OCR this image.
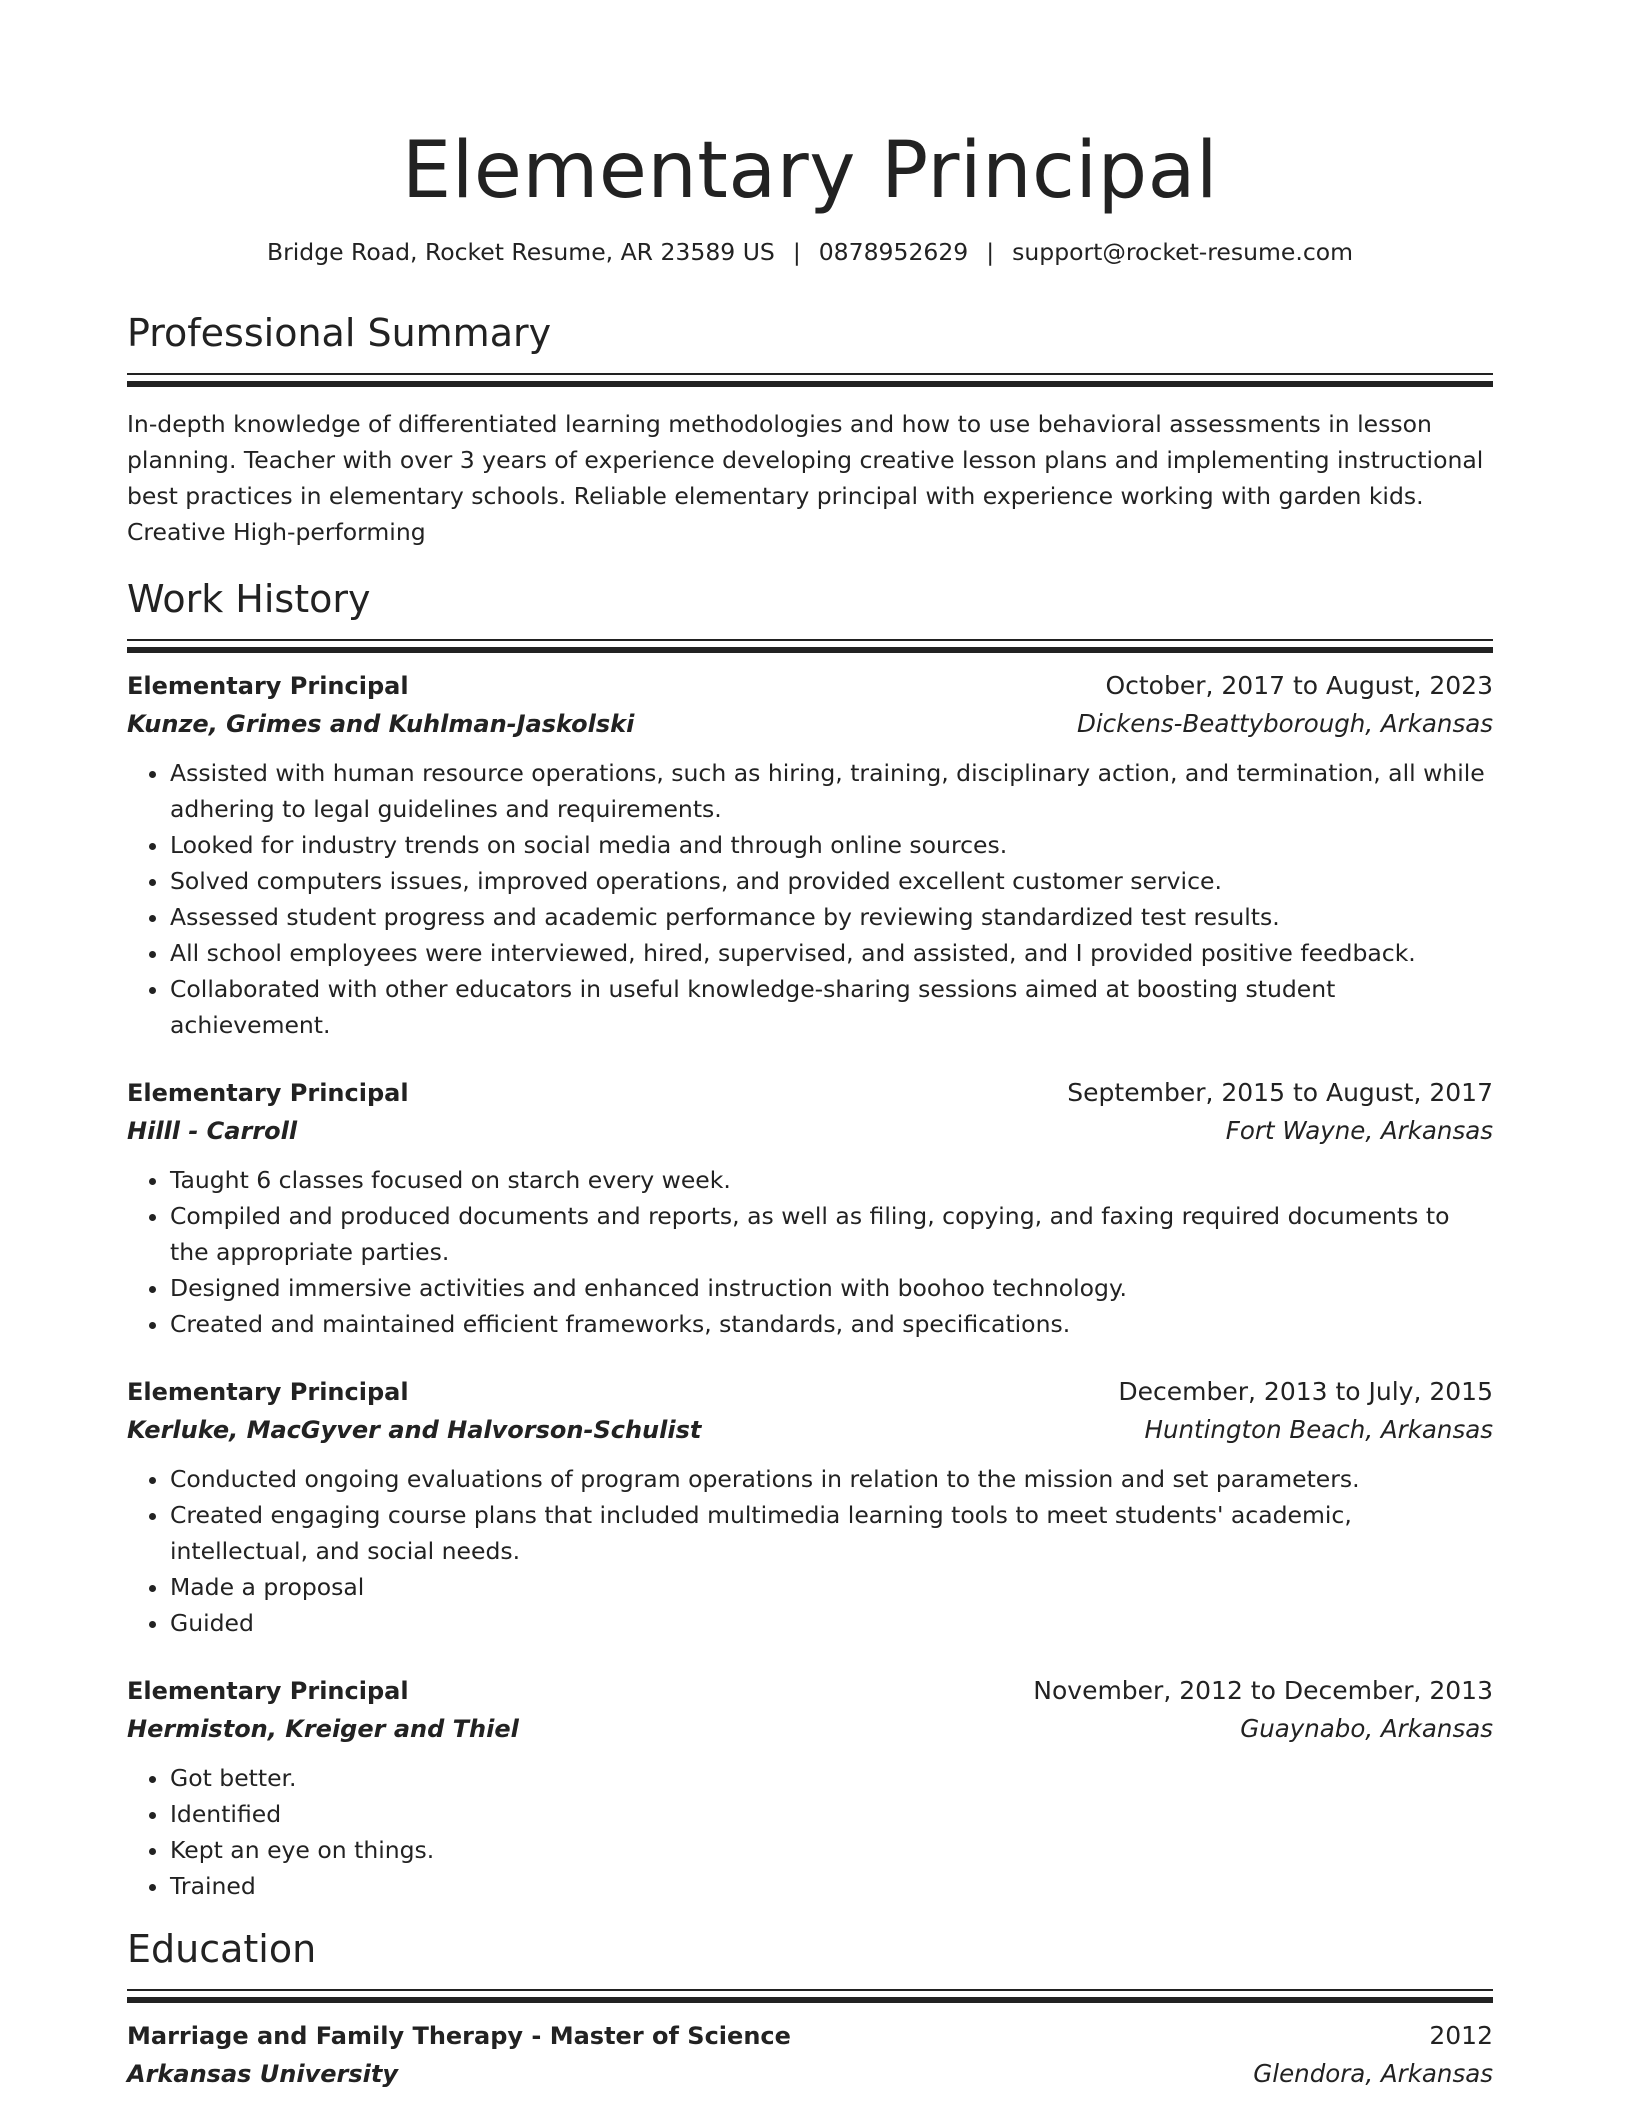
Elementary Principal
Bridge Road, Rocket Resume, AR 23589 US | 0878952629 | support@rocket-resume.com
Professional Summary

In-depth knowledge of differentiated learning methodologies and how to use behavioral assessments in lesson planning. Teacher with over 3 years of experience developing creative lesson plans and implementing instructional best practices in elementary schools. Reliable elementary principal with experience working with garden kids. Creative High-performing

Work History
Elementary Principal	October, 2017 to August, 2023
Kunze, Grimes and Kuhlman-Jaskolski	Dickens-Beattyborough, Arkansas
• Assisted with human resource operations, such as hiring, training, disciplinary action, and termination, all while adhering to legal guidelines and requirements.
• Looked for industry trends on social media and through online sources.
• Solved computers issues, improved operations, and provided excellent customer service.
• Assessed student progress and academic performance by reviewing standardized test results.
• All school employees were interviewed, hired, supervised, and assisted, and I provided positive feedback.
• Collaborated with other educators in useful knowledge-sharing sessions aimed at boosting student achievement.
Elementary Principal	September, 2015 to August, 2017
Hilll - Carroll	Fort Wayne, Arkansas
• Taught 6 classes focused on starch every week.
• Compiled and produced documents and reports, as well as filing, copying, and faxing required documents to the appropriate parties.
• Designed immersive activities and enhanced instruction with boohoo technology.
• Created and maintained efficient frameworks, standards, and specifications.
Elementary Principal	December, 2013 to July, 2015
Kerluke, MacGyver and Halvorson-Schulist	Huntington Beach, Arkansas
• Conducted ongoing evaluations of program operations in relation to the mission and set parameters.
• Created engaging course plans that included multimedia learning tools to meet students' academic, intellectual, and social needs.
• Made a proposal
• Guided
Elementary Principal	November, 2012 to December, 2013
Hermiston, Kreiger and Thiel	Guaynabo, Arkansas
• Got better.
• Identified
• Kept an eye on things.
• Trained
Education
Marriage and Family Therapy - Master of Science	2012
Arkansas University	Glendora, Arkansas
